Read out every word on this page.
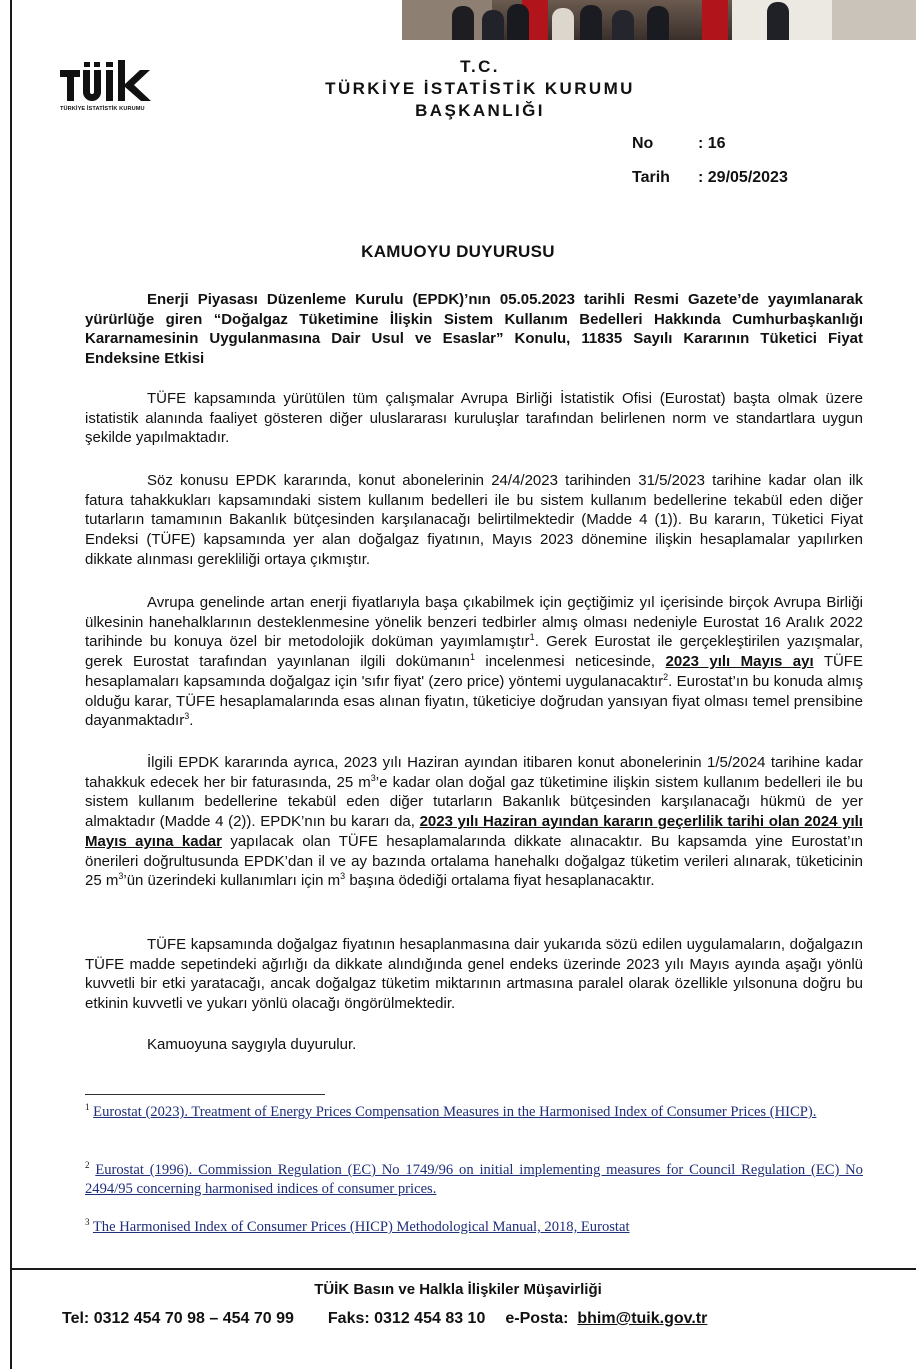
TÜRKİYE İSTATİSTİK KURUMU
T.C.
TÜRKİYE İSTATİSTİK KURUMU
BAŞKANLIĞI
No	: 16
Tarih : 29/05/2023
KAMUOYU DUYURUSU

Enerji Piyasası Düzenleme Kurulu (EPDK)’nın 05.05.2023 tarihli Resmi Gazete’de yayımlanarak yürürlüğe giren “Doğalgaz Tüketimine İlişkin Sistem Kullanım Bedelleri Hakkında Cumhurbaşkanlığı Kararnamesinin Uygulanmasına Dair Usul ve Esaslar” Konulu, 11835 Sayılı Kararının Tüketici Fiyat Endeksine Etkisi

TÜFE kapsamında yürütülen tüm çalışmalar Avrupa Birliği İstatistik Ofisi (Eurostat) başta olmak üzere istatistik alanında faaliyet gösteren diğer uluslararası kuruluşlar tarafından belirlenen norm ve standartlara uygun şekilde yapılmaktadır.

Söz konusu EPDK kararında, konut abonelerinin 24/4/2023 tarihinden 31/5/2023 tarihine kadar olan ilk fatura tahakkukları kapsamındaki sistem kullanım bedelleri ile bu sistem kullanım bedellerine tekabül eden diğer tutarların tamamının Bakanlık bütçesinden karşılanacağı belirtilmektedir (Madde 4 (1)). Bu kararın, Tüketici Fiyat Endeksi (TÜFE) kapsamında yer alan doğalgaz fiyatının, Mayıs 2023 dönemine ilişkin hesaplamalar yapılırken dikkate alınması gerekliliği ortaya çıkmıştır.

Avrupa genelinde artan enerji fiyatlarıyla başa çıkabilmek için geçtiğimiz yıl içerisinde birçok Avrupa Birliği ülkesinin hanehalklarının desteklenmesine yönelik benzeri tedbirler almış olması nedeniyle Eurostat 16 Aralık 2022 tarihinde bu konuya özel bir metodolojik doküman yayımlamıştır$^1$. Gerek Eurostat ile gerçekleştirilen yazışmalar, gerek Eurostat tarafından yayınlanan ilgili dokümanın$^1$ incelenmesi neticesinde, 2023 yılı Mayıs ayı TÜFE hesaplamaları kapsamında doğalgaz için 'sıfır fiyat' (zero price) yöntemi uygulanacaktır$^2$. Eurostat’ın bu konuda almış olduğu karar, TÜFE hesaplamalarında esas alınan fiyatın, tüketiciye doğrudan yansıyan fiyat olması temel prensibine dayanmaktadır$^3$.

İlgili EPDK kararında ayrıca, 2023 yılı Haziran ayından itibaren konut abonelerinin 1/5/2024 tarihine kadar tahakkuk edecek her bir faturasında, 25 $m^3’e$ kadar olan doğal gaz tüketimine ilişkin sistem kullanım bedelleri ile bu sistem kullanım bedellerine tekabül eden diğer tutarların Bakanlık bütçesinden karşılanacağı hükmü de yer almaktadır (Madde 4 (2)). EPDK’nın bu kararı da, 2023 yılı Haziran ayından kararın geçerlilik tarihi olan 2024 yılı Mayıs ayına kadar yapılacak olan TÜFE hesaplamalarında dikkate alınacaktır. Bu kapsamda yine Eurostat’ın önerileri doğrultusunda EPDK’dan il ve ay bazında ortalama hanehalkı doğalgaz tüketim verileri alınarak, tüketicinin 25 $m^3’ün$ üzerindeki kullanımları için $m^3$ başına ödediği ortalama fiyat hesaplanacaktır.

TÜFE kapsamında doğalgaz fiyatının hesaplanmasına dair yukarıda sözü edilen uygulamaların, doğalgazın TÜFE madde sepetindeki ağırlığı da dikkate alındığında genel endeks üzerinde 2023 yılı Mayıs ayında aşağı yönlü kuvvetli bir etki yaratacağı, ancak doğalgaz tüketim miktarının artmasına paralel olarak özellikle yılsonuna doğru bu etkinin kuvvetli ve yukarı yönlü olacağı öngörülmektedir.

Kamuoyuna saygıyla duyurulur.

$^1$ Eurostat (2023). Treatment of Energy Prices Compensation Measures in the Harmonised Index of Consumer Prices (HICP).
$^2$ Eurostat (1996). Commission Regulation (EC) No 1749/96 on initial implementing measures for Council Regulation (EC) No 2494/95 concerning harmonised indices of consumer prices.
$^3$ The Harmonised Index of Consumer Prices (HICP) Methodological Manual, 2018, Eurostat
TÜİK Basın ve Halkla İlişkiler Müşavirliği
Tel: 0312 454 70 98 – 454 70 99 Faks: 0312 454 83 10 e-Posta: bhim@tuik.gov.tr
